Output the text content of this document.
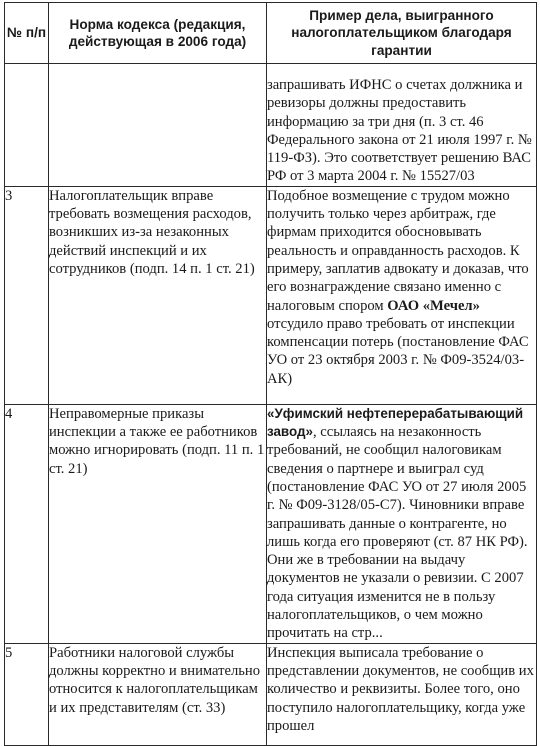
№ п/п	Норма кодекса (редакция, действующая в 2006 года)	Пример дела, выигранного налогоплательщиком благодаря гарантии
		запрашивать ИФНС о счетах должника и ревизоры должны предоставить информацию за три дня (п. 3 ст. 46 Федерального закона от 21 июля 1997 г. № 119-ФЗ). Это соответствует решению ВАС РФ от 3 марта 2004 г. № 15527/03
3	Налогоплательщик вправе требовать возмещения расходов, возникших из-за незаконных действий инспекций и их сотрудников (подп. 14 п. 1 ст. 21)	Подобное возмещение с трудом можно получить только через арбитраж, где фирмам приходится обосновывать реальность и оправданность расходов. К примеру, заплатив адвокату и доказав, что его вознаграждение связано именно с налоговым спором ОАО «Мечел» отсудило право требовать от инспекции компенсации потерь (постановление ФАС УО от 23 октября 2003 г. № Ф09-3524/03-АК)
4	Неправомерные приказы инспекции а также ее работников можно игнорировать (подп. 11 п. 1 ст. 21)	«Уфимский нефтеперерабатывающий завод», ссылаясь на незаконность требований, не сообщил налоговикам сведения о партнере и выиграл суд (постановление ФАС УО от 27 июля 2005 г. № Ф09-3128/05-С7). Чиновники вправе запрашивать данные о контрагенте, но лишь когда его проверяют (ст. 87 НК РФ). Они же в требовании на выдачу документов не указали о ревизии. С 2007 года ситуация изменится не в пользу налогоплательщиков, о чем можно прочитать на стр...
5	Работники налоговой службы должны корректно и внимательно относится к налогоплательщикам и их представителям (ст. 33)	Инспекция выписала требование о представлении документов, не сообщив их количество и реквизиты. Более того, оно поступило налогоплательщику, когда уже прошел
